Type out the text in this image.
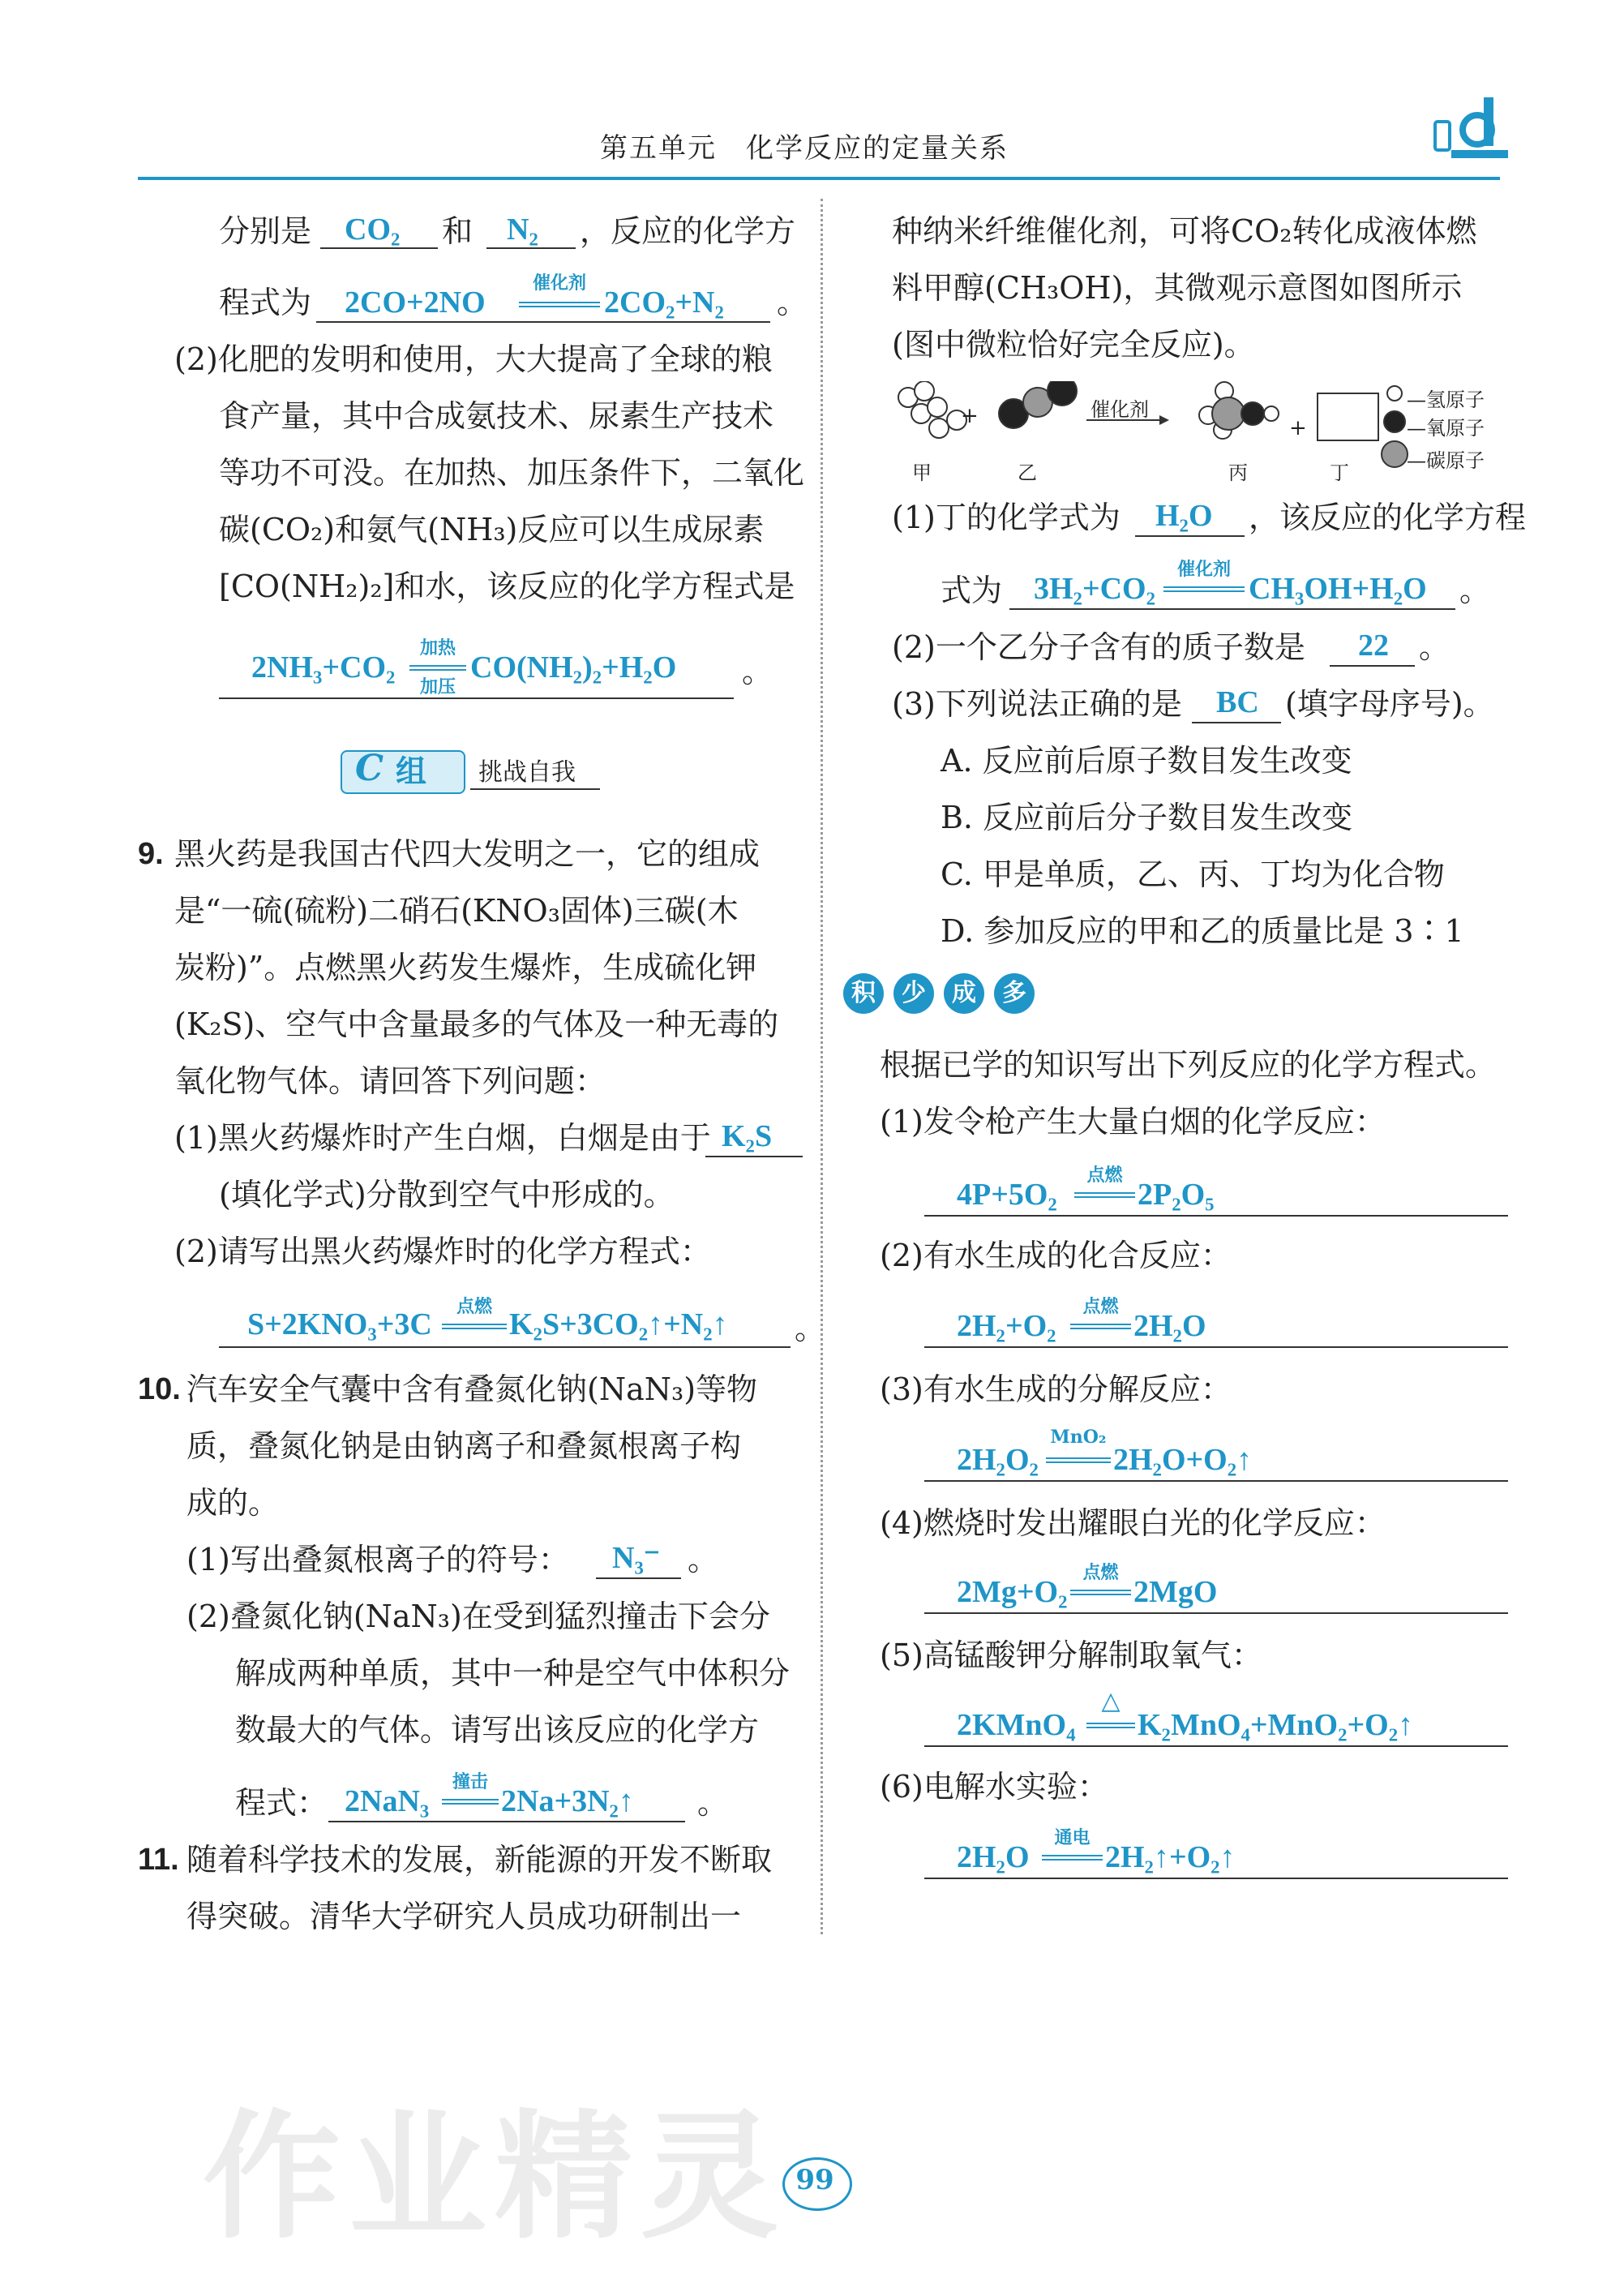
第五单元　化学反应的定量关系
分别是 CO₂ 和 N₂ ，反应的化学方
程式为 2CO+2NO
催化剂
2CO₂+N₂ 。
(2)化肥的发明和使用，大大提高了全球的粮
食产量，其中合成氨技术、尿素生产技术
等功不可没。在加热、加压条件下，二氧化
碳(CO₂)和氨气(NH₃)反应可以生成尿素
[CO(NH₂)₂]和水，该反应的化学方程式是
2NH₃+CO₂
加热
加压
CO(NH₂)₂+H₂O 。
C 组 挑战自我
9. 黑火药是我国古代四大发明之一，它的组成
是“一硫(硫粉)二硝石(KNO₃固体)三碳(木
炭粉)”。点燃黑火药发生爆炸，生成硫化钾
(K₂S)、空气中含量最多的气体及一种无毒的
氧化物气体。请回答下列问题：
(1)黑火药爆炸时产生白烟，白烟是由于 K₂S
(填化学式)分散到空气中形成的。
(2)请写出黑火药爆炸时的化学方程式：
S+2KNO₃+3C
点燃
K₂S+3CO₂↑+N₂↑ 。
10. 汽车安全气囊中含有叠氮化钠(NaN₃)等物
质，叠氮化钠是由钠离子和叠氮根离子构
成的。
(1)写出叠氮根离子的符号： N₃⁻ 。
(2)叠氮化钠(NaN₃)在受到猛烈撞击下会分
解成两种单质，其中一种是空气中体积分
数最大的气体。请写出该反应的化学方
程式： 2NaN₃
撞击
2Na+3N₂↑ 。
11. 随着科学技术的发展，新能源的开发不断取
得突破。清华大学研究人员成功研制出一
种纳米纤维催化剂，可将CO₂转化成液体燃
料甲醇(CH₃OH)，其微观示意图如图所示
(图中微粒恰好完全反应)。
+	+
催化剂
甲	乙	丙	丁
—氢原子
—氧原子
—碳原子
(1)丁的化学式为 H₂O ，该反应的化学方程
式为 3H₂+CO₂
催化剂
CH₃OH+H₂O 。
(2)一个乙分子含有的质子数是 22 。
(3)下列说法正确的是 BC (填字母序号)。
A. 反应前后原子数目发生改变
B. 反应前后分子数目发生改变
C. 甲是单质，乙、丙、丁均为化合物
D. 参加反应的甲和乙的质量比是 3∶1
积	少	成	多
根据已学的知识写出下列反应的化学方程式。
(1)发令枪产生大量白烟的化学反应：
4P+5O₂
点燃
2P₂O₅
(2)有水生成的化合反应：
2H₂+O₂
点燃
2H₂O
(3)有水生成的分解反应：
2H₂O₂
MnO₂
2H₂O+O₂↑
(4)燃烧时发出耀眼白光的化学反应：
2Mg+O₂
点燃
2MgO
(5)高锰酸钾分解制取氧气：
2KMnO₄
△
K₂MnO₄+MnO₂+O₂↑
(6)电解水实验：
2H₂O
通电
2H₂↑+O₂↑
作业精灵 99
